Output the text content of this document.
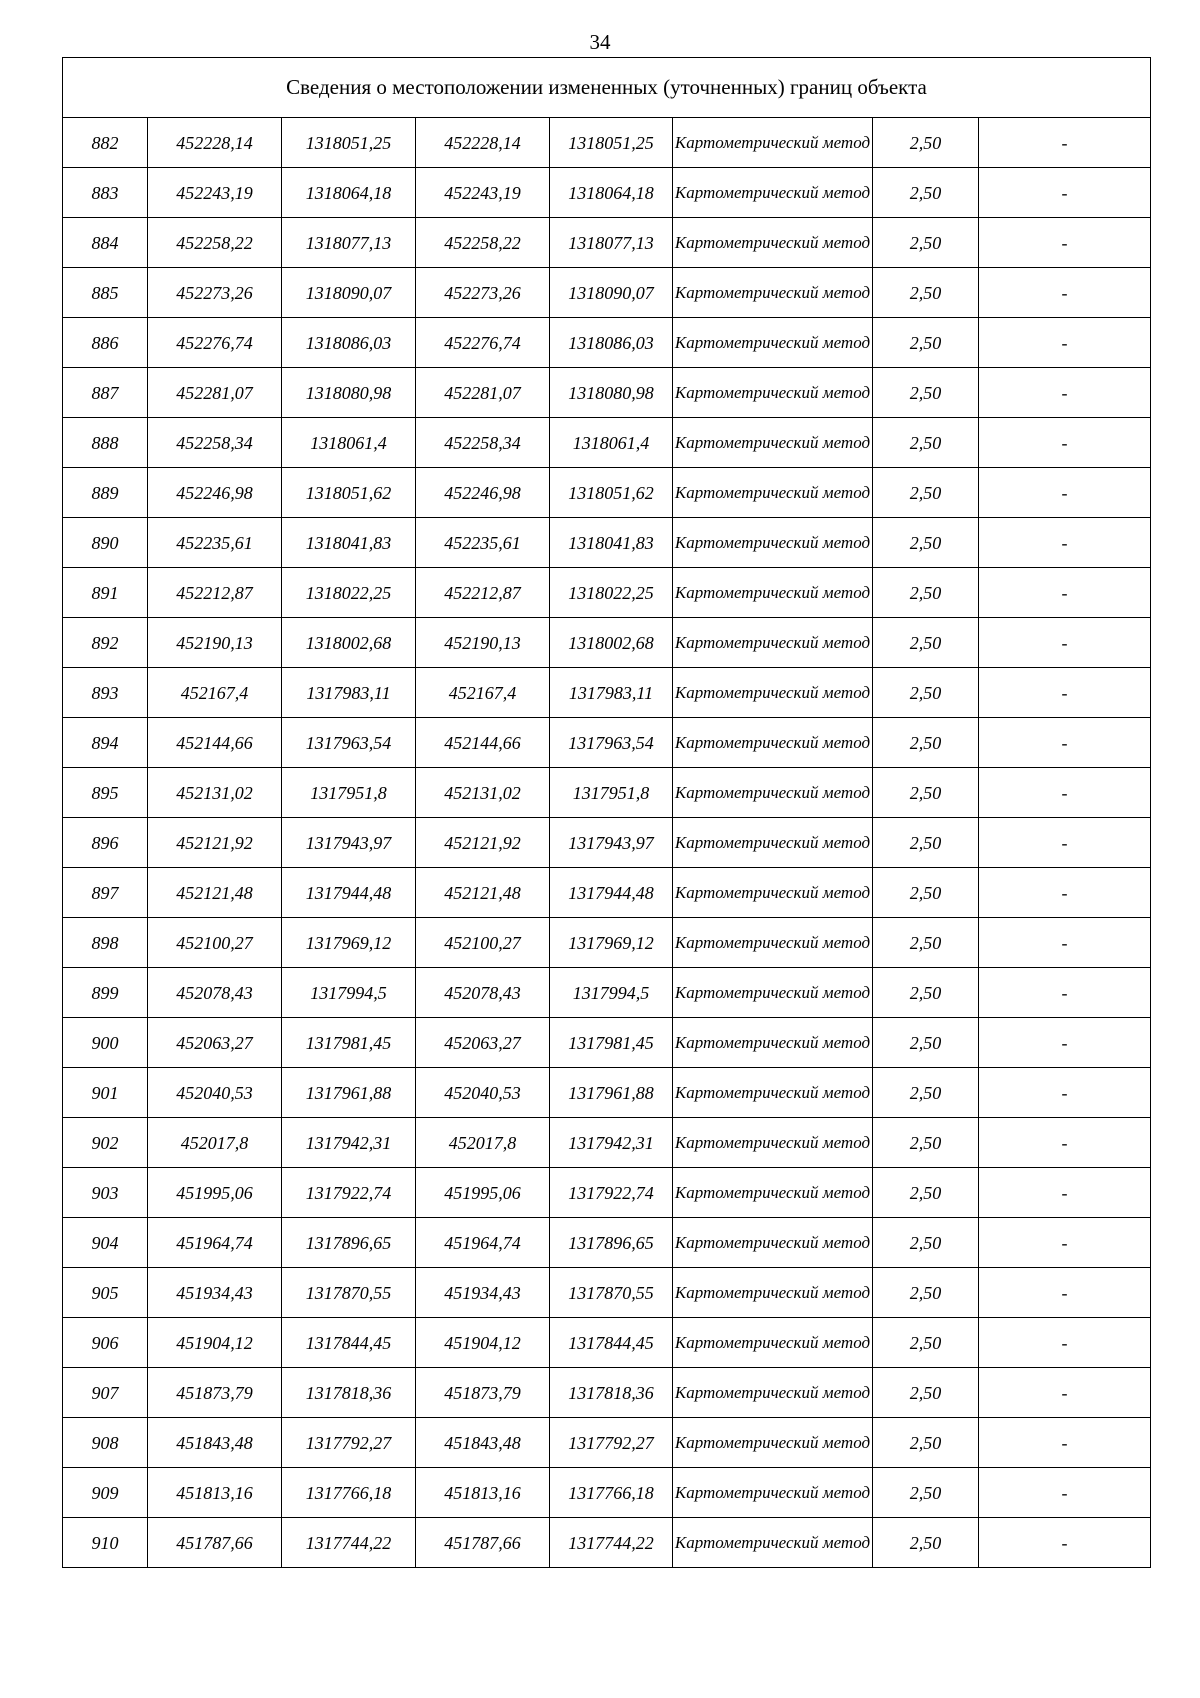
34
Сведения о местоположении измененных (уточненных) границ объекта							
882	452228,14	1318051,25	452228,14	1318051,25	Картометрический метод	2,50	-
883	452243,19	1318064,18	452243,19	1318064,18	Картометрический метод	2,50	-
884	452258,22	1318077,13	452258,22	1318077,13	Картометрический метод	2,50	-
885	452273,26	1318090,07	452273,26	1318090,07	Картометрический метод	2,50	-
886	452276,74	1318086,03	452276,74	1318086,03	Картометрический метод	2,50	-
887	452281,07	1318080,98	452281,07	1318080,98	Картометрический метод	2,50	-
888	452258,34	1318061,4	452258,34	1318061,4	Картометрический метод	2,50	-
889	452246,98	1318051,62	452246,98	1318051,62	Картометрический метод	2,50	-
890	452235,61	1318041,83	452235,61	1318041,83	Картометрический метод	2,50	-
891	452212,87	1318022,25	452212,87	1318022,25	Картометрический метод	2,50	-
892	452190,13	1318002,68	452190,13	1318002,68	Картометрический метод	2,50	-
893	452167,4	1317983,11	452167,4	1317983,11	Картометрический метод	2,50	-
894	452144,66	1317963,54	452144,66	1317963,54	Картометрический метод	2,50	-
895	452131,02	1317951,8	452131,02	1317951,8	Картометрический метод	2,50	-
896	452121,92	1317943,97	452121,92	1317943,97	Картометрический метод	2,50	-
897	452121,48	1317944,48	452121,48	1317944,48	Картометрический метод	2,50	-
898	452100,27	1317969,12	452100,27	1317969,12	Картометрический метод	2,50	-
899	452078,43	1317994,5	452078,43	1317994,5	Картометрический метод	2,50	-
900	452063,27	1317981,45	452063,27	1317981,45	Картометрический метод	2,50	-
901	452040,53	1317961,88	452040,53	1317961,88	Картометрический метод	2,50	-
902	452017,8	1317942,31	452017,8	1317942,31	Картометрический метод	2,50	-
903	451995,06	1317922,74	451995,06	1317922,74	Картометрический метод	2,50	-
904	451964,74	1317896,65	451964,74	1317896,65	Картометрический метод	2,50	-
905	451934,43	1317870,55	451934,43	1317870,55	Картометрический метод	2,50	-
906	451904,12	1317844,45	451904,12	1317844,45	Картометрический метод	2,50	-
907	451873,79	1317818,36	451873,79	1317818,36	Картометрический метод	2,50	-
908	451843,48	1317792,27	451843,48	1317792,27	Картометрический метод	2,50	-
909	451813,16	1317766,18	451813,16	1317766,18	Картометрический метод	2,50	-
910	451787,66	1317744,22	451787,66	1317744,22	Картометрический метод	2,50	-
